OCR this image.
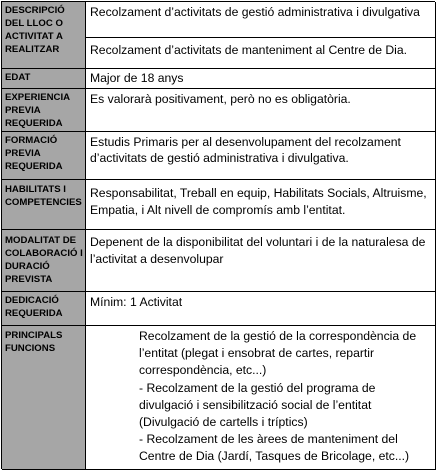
DESCRIPCIÓ DEL LLOC O ACTIVITAT A REALITZAR
Recolzament d’activitats de gestió administrativa i divulgativa
Recolzament d’activitats de manteniment al Centre de Dia.
EDAT	Major de 18 anys
EXPERIENCIA PREVIA REQUERIDA
Es valorarà positivament, però no es obligatòria.
FORMACIÓ PREVIA REQUERIDA
Estudis Primaris per al desenvolupament del recolzament d’activitats de gestió administrativa i divulgativa.
HABILITATS I COMPETENCIES
Responsabilitat, Treball en equip, Habilitats Socials, Altruisme, Empatia, i Alt nivell de compromís amb l’entitat.
MODALITAT DE COLABORACIÓ I DURACIÓ PREVISTA
Depenent de la disponibilitat del voluntari i de la naturalesa de l’activitat a desenvolupar
DEDICACIÓ REQUERIDA
Mínim: 1 Activitat
PRINCIPALS FUNCIONS
Recolzament de la gestió de la correspondència de l’entitat (plegat i ensobrat de cartes, repartir correspondència, etc...)
- Recolzament de la gestió del programa de divulgació i sensibilització social de l’entitat (Divulgació de cartells i tríptics)
- Recolzament de les àrees de manteniment del Centre de Dia (Jardí, Tasques de Bricolage, etc...)
